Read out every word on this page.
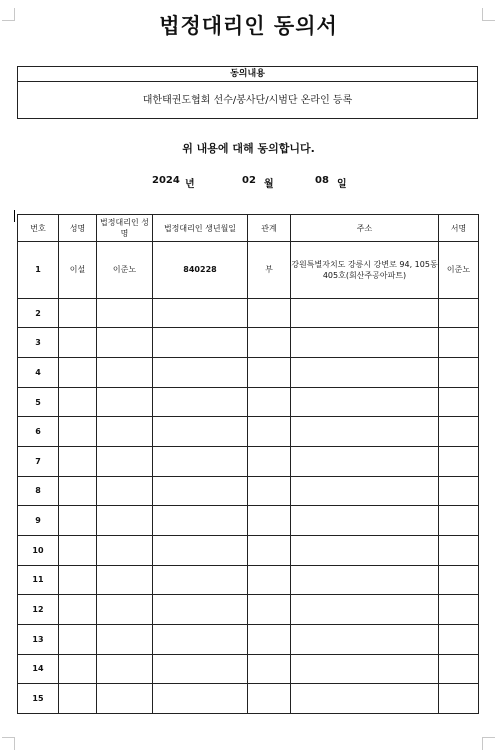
법정대리인 동의서
동의내용
대한태권도협회 선수/봉사단/시범단 온라인 등록
위 내용에 대해 동의합니다.
2024 년	02 월	08 일
번호	성명	법정대리인 성명	법정대리인 생년월일	관계	주소	서명
1	이설	이준노	840228	부	강원특별자치도 강릉시 강변로 94, 105동 405호(회산주공아파트)	이준노
2						
3						
4						
5						
6						
7						
8						
9						
10						
11						
12						
13						
14						
15						
